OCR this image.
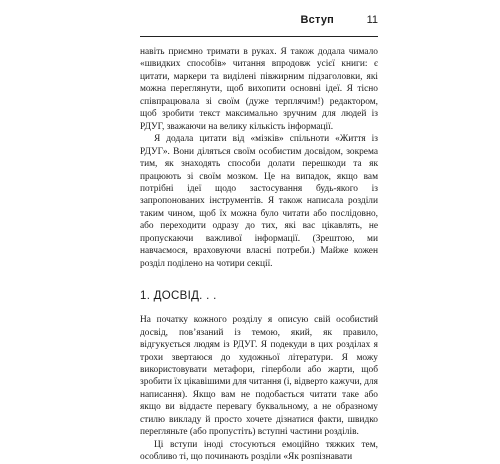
Вступ	11

навіть приємно тримати в руках. Я також додала чимало «швидких способів» читання впродовж усієї книги: є цитати, маркери та виділені півжирним підзаголовки, які можна переглянути, щоб вихопити основні ідеї. Я тісно співпрацювала зі своїм (дуже терплячим!) редактором, щоб зробити текст максимально зручним для людей із РДУГ, зважаючи на велику кількість інформації.

Я додала цитати від «мізків» спільноти «Життя із РДУГ». Вони діляться своїм особистим досвідом, зокрема тим, як знаходять способи долати перешкоди та як працюють зі своїм мозком. Це на випадок, якщо вам потрібні ідеї щодо застосування будь-якого із запропонованих інструментів. Я також написала розділи таким чином, щоб їх можна було читати або послідовно, або переходити одразу до тих, які вас цікавлять, не пропускаючи важливої інформації. (Зрештою, ми навчаємося, враховуючи власні потреби.) Майже кожен розділ поділено на чотири секції.

1. ДОСВІД. . .

На початку кожного розділу я описую свій особистий досвід, пов’язаний із темою, який, як правило, відгукується людям із РДУГ. Я подекуди в цих розділах я трохи звертаюся до художньої літератури. Я можу використовувати метафори, гіперболи або жарти, щоб зробити їх цікавішими для читання (і, відверто кажучи, для написання). Якщо вам не подобається читати таке або якщо ви віддаєте перевагу буквальному, а не образному стилю викладу й просто хочете дізнатися факти, швидко перегляньте (або пропустіть) вступні частини розділів.

Ці вступи іноді стосуються емоційно тяжких тем, особливо ті, що починають розділи «Як розпізнавати
